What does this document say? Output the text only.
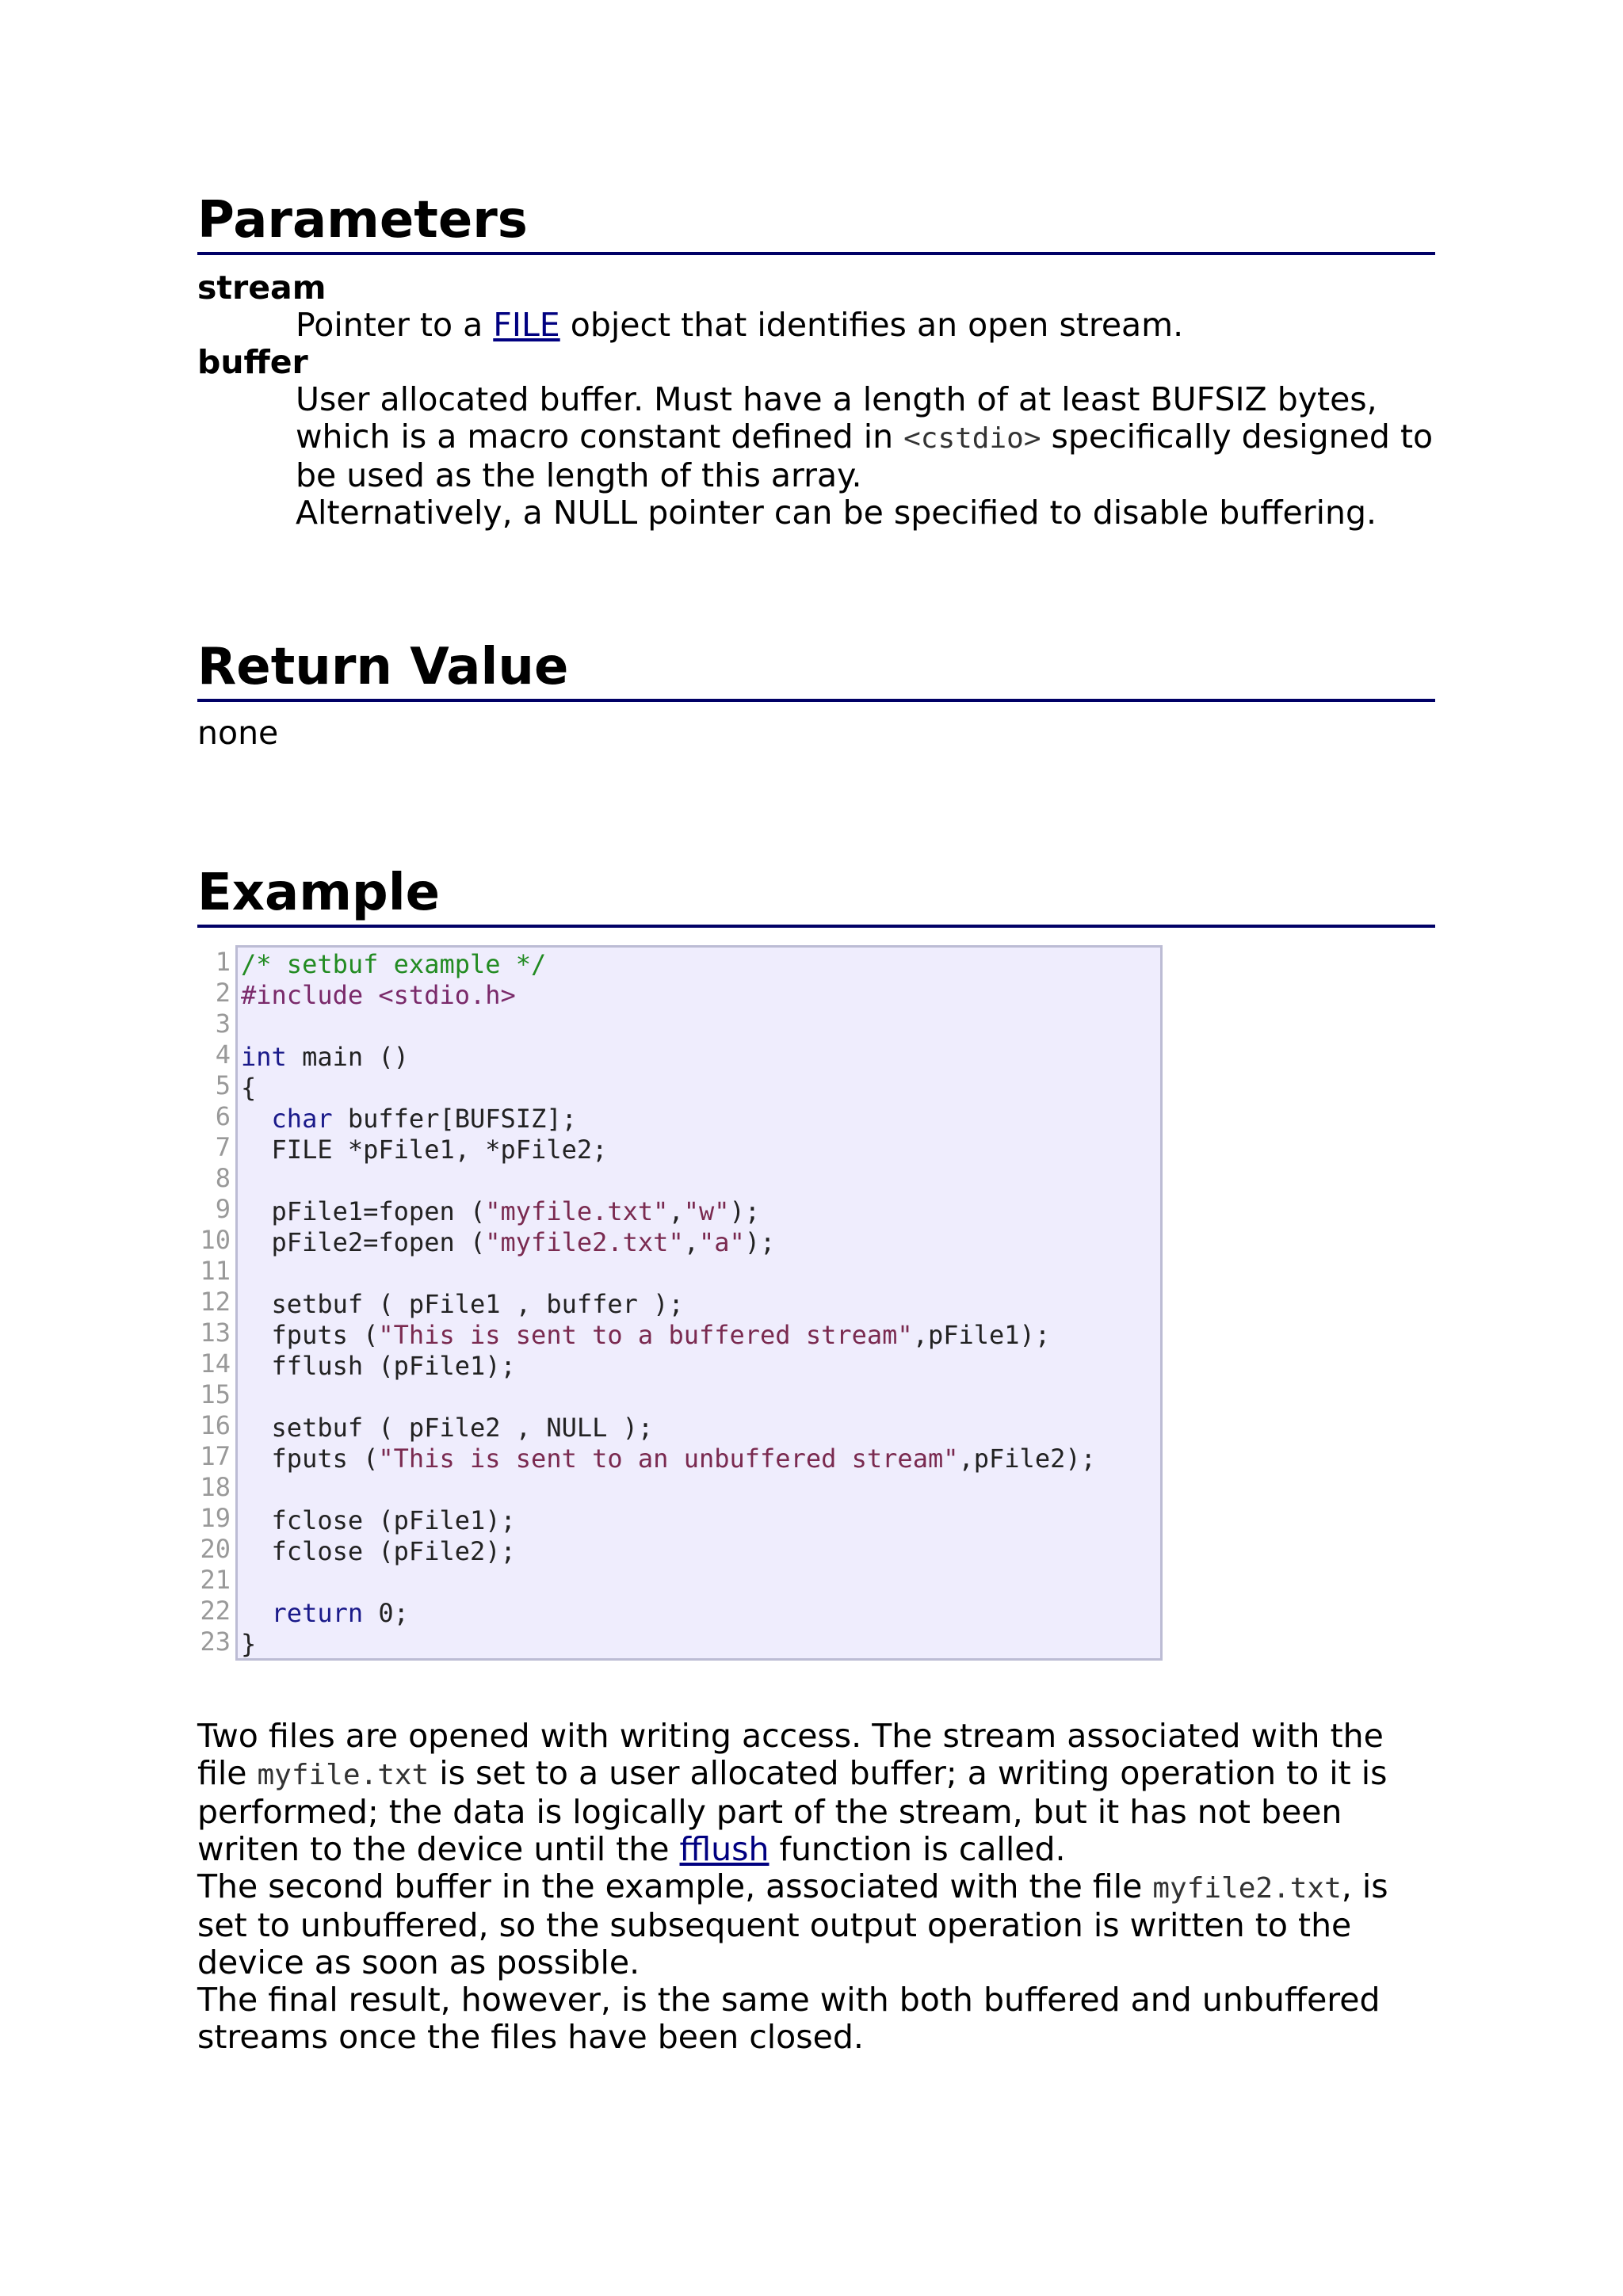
Parameters

stream

Pointer to a FILE object that identifies an open stream.

buffer

User allocated buffer. Must have a length of at least BUFSIZ bytes, which is a macro constant defined in <cstdio> specifically designed to be used as the length of this array.
Alternatively, a NULL pointer can be specified to disable buffering.

Return Value

none

Example
1
2
3
4
5
6
7
8
9
10
11
12
13
14
15
16
17
18
19
20
21
22
23
/* setbuf example */
#include <stdio.h>
int main ()
{
char buffer[BUFSIZ];
FILE *pFile1, *pFile2;
pFile1=fopen ("myfile.txt","w");
pFile2=fopen ("myfile2.txt","a");
setbuf ( pFile1 , buffer );
fputs ("This is sent to a buffered stream",pFile1);
fflush (pFile1);
setbuf ( pFile2 , NULL );
fputs ("This is sent to an unbuffered stream",pFile2);
fclose (pFile1);
fclose (pFile2);
return 0;
}

Two files are opened with writing access. The stream associated with the file myfile.txt is set to a user allocated buffer; a writing operation to it is performed; the data is logically part of the stream, but it has not been writen to the device until the fflush function is called.

The second buffer in the example, associated with the file myfile2.txt, is set to unbuffered, so the subsequent output operation is written to the device as soon as possible.

The final result, however, is the same with both buffered and unbuffered streams once the files have been closed.
